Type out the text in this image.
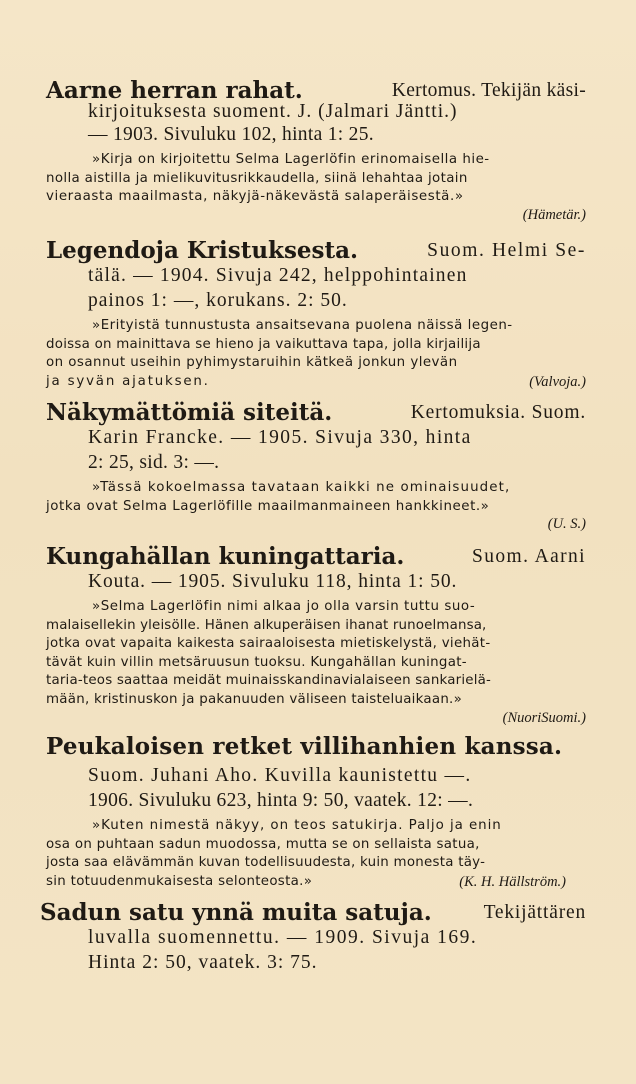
Aarne herran rahat.	Kertomus. Tekijän käsi-
kirjoituksesta suoment. J. (Jalmari Jäntti.)
— 1903. Sivuluku 102, hinta 1: 25.
»Kirja on kirjoitettu Selma Lagerlöfin erinomaisella hie-
nolla aistilla ja mielikuvitusrikkaudella, siinä lehahtaa jotain
vieraasta maailmasta, näkyjä-näkevästä salaperäisestä.»
(Hämetär.)
Legendoja Kristuksesta.	Suom. Helmi Se-
tälä. — 1904. Sivuja 242, helppohintainen
painos 1: —, korukans. 2: 50.
»Erityistä tunnustusta ansaitsevana puolena näissä legen-
doissa on mainittava se hieno ja vaikuttava tapa, jolla kirjailija
on osannut useihin pyhimystaruihin kätkeä jonkun ylevän
ja syvän ajatuksen.	(Valvoja.)
Näkymättömiä siteitä.	Kertomuksia. Suom.
Karin Francke. — 1905. Sivuja 330, hinta
2: 25, sid. 3: —.
»Tässä kokoelmassa tavataan kaikki ne ominaisuudet,
jotka ovat Selma Lagerlöfille maailmanmaineen hankkineet.»
(U. S.)
Kungahällan kuningattaria.	Suom. Aarni
Kouta. — 1905. Sivuluku 118, hinta 1: 50.
»Selma Lagerlöfin nimi alkaa jo olla varsin tuttu suo-
malaisellekin yleisölle. Hänen alkuperäisen ihanat runoelmansa,
jotka ovat vapaita kaikesta sairaaloisesta mietiskelystä, viehät-
tävät kuin villin metsäruusun tuoksu. Kungahällan kuningat-
taria-teos saattaa meidät muinaisskandinavialaiseen sankarielä-
mään, kristinuskon ja pakanuuden väliseen taisteluaikaan.»
(NuoriSuomi.)
Peukaloisen retket villihanhien kanssa.
Suom. Juhani Aho. Kuvilla kaunistettu —.
1906. Sivuluku 623, hinta 9: 50, vaatek. 12: —.
»Kuten nimestä näkyy, on teos satukirja. Paljo ja enin
osa on puhtaan sadun muodossa, mutta se on sellaista satua,
josta saa elävämmän kuvan todellisuudesta, kuin monesta täy-
sin totuudenmukaisesta selonteosta.»	(K. H. Hällström.)
Sadun satu ynnä muita satuja.	Tekijättären
luvalla suomennettu. — 1909. Sivuja 169.
Hinta 2: 50, vaatek. 3: 75.
